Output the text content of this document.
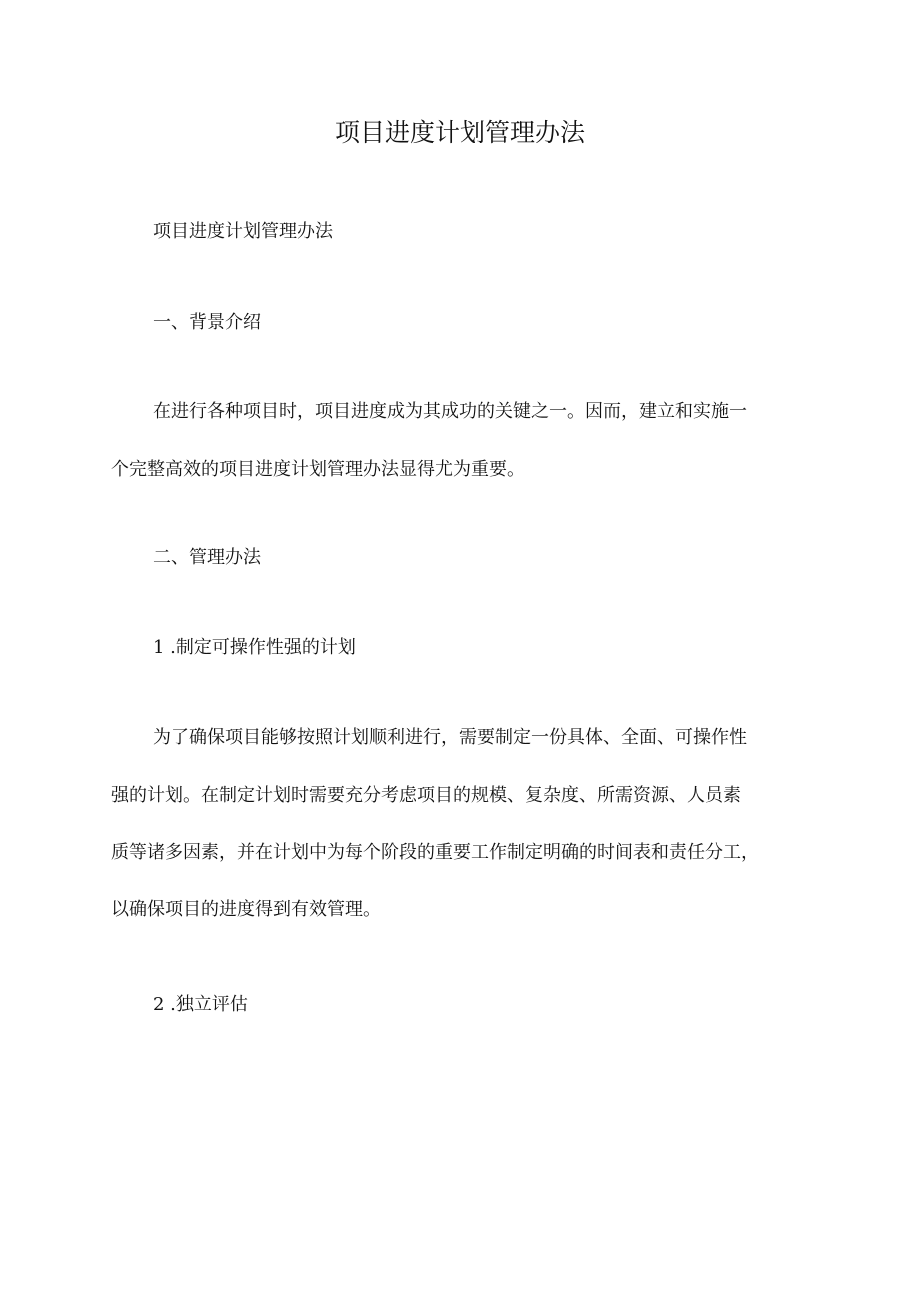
项目进度计划管理办法

项目进度计划管理办法

一、背景介绍

在进行各种项目时，项目进度成为其成功的关键之一。因而，建立和实施一

个完整高效的项目进度计划管理办法显得尤为重要。

二、管理办法

1 .制定可操作性强的计划

为了确保项目能够按照计划顺利进行，需要制定一份具体、全面、可操作性

强的计划。在制定计划时需要充分考虑项目的规模、复杂度、所需资源、人员素

质等诸多因素，并在计划中为每个阶段的重要工作制定明确的时间表和责任分工，

以确保项目的进度得到有效管理。

2 .独立评估
